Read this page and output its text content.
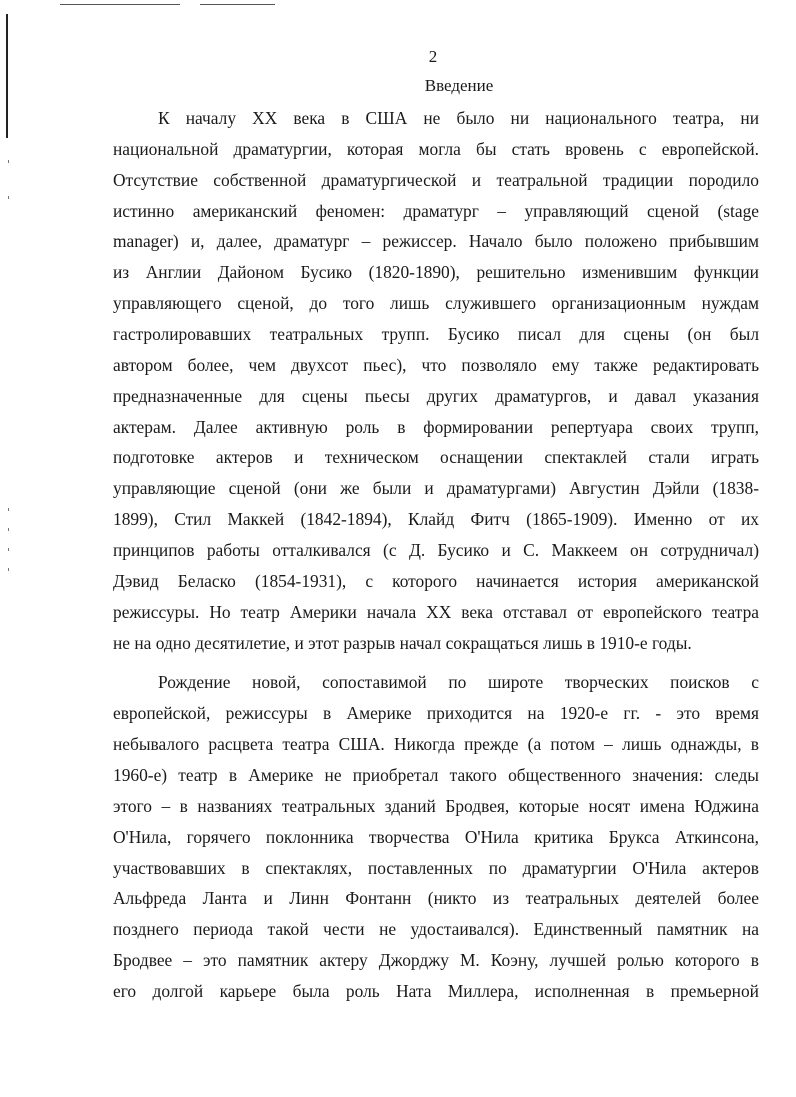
2
Введение
К началу ХХ века в США не было ни национального театра, ни
национальной драматургии, которая могла бы стать вровень с европейской.
Отсутствие собственной драматургической и театральной традиции породило
истинно американский феномен: драматург – управляющий сценой (stage
manager) и, далее, драматург – режиссер. Начало было положено прибывшим
из Англии Дайоном Бусико (1820-1890), решительно изменившим функции
управляющего сценой, до того лишь служившего организационным нуждам
гастролировавших театральных трупп. Бусико писал для сцены (он был
автором более, чем двухсот пьес), что позволяло ему также редактировать
предназначенные для сцены пьесы других драматургов, и давал указания
актерам. Далее активную роль в формировании репертуара своих трупп,
подготовке актеров и техническом оснащении спектаклей стали играть
управляющие сценой (они же были и драматургами) Августин Дэйли (1838-
1899), Стил Маккей (1842-1894), Клайд Фитч (1865-1909). Именно от их
принципов работы отталкивался (с Д. Бусико и С. Маккеем он сотрудничал)
Дэвид Беласко (1854-1931), с которого начинается история американской
режиссуры. Но театр Америки начала ХХ века отставал от европейского театра
не на одно десятилетие, и этот разрыв начал сокращаться лишь в 1910-е годы.
Рождение новой, сопоставимой по широте творческих поисков с
европейской, режиссуры в Америке приходится на 1920-е гг. - это время
небывалого расцвета театра США. Никогда прежде (а потом – лишь однажды, в
1960-е) театр в Америке не приобретал такого общественного значения: следы
этого – в названиях театральных зданий Бродвея, которые носят имена Юджина
О'Нила, горячего поклонника творчества О'Нила критика Брукса Аткинсона,
участвовавших в спектаклях, поставленных по драматургии О'Нила актеров
Альфреда Ланта и Линн Фонтанн (никто из театральных деятелей более
позднего периода такой чести не удостаивался). Единственный памятник на
Бродвее – это памятник актеру Джорджу М. Коэну, лучшей ролью которого в
его долгой карьере была роль Ната Миллера, исполненная в премьерной
